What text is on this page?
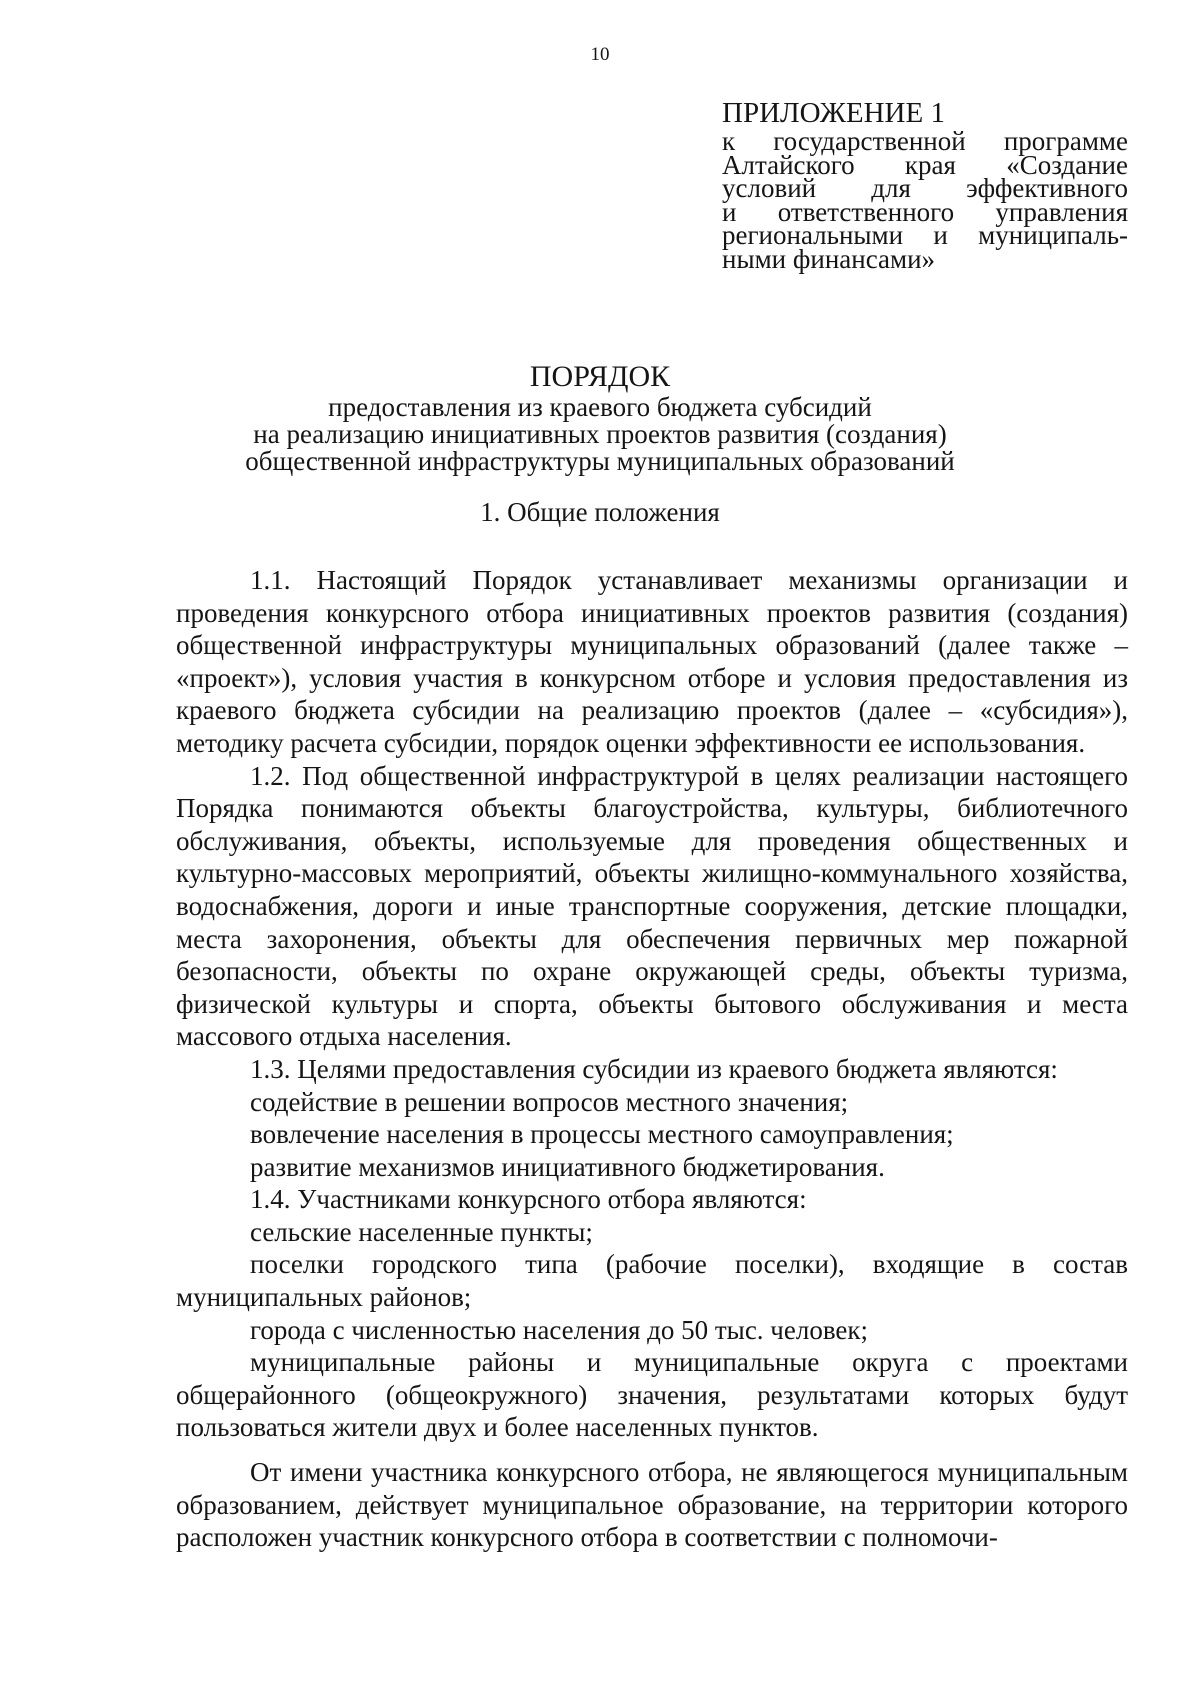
10
ПРИЛОЖЕНИЕ 1
к государственной программе
Алтайского края «Создание
условий для эффективного
и ответственного управления
региональными и муниципаль-
ными финансами»
ПОРЯДОК
предоставления из краевого бюджета субсидий
на реализацию инициативных проектов развития (создания)
общественной инфраструктуры муниципальных образований
1. Общие положения

1.1. Настоящий Порядок устанавливает механизмы организации и проведения конкурсного отбора инициативных проектов развития (создания) общественной инфраструктуры муниципальных образований (далее также – «проект»), условия участия в конкурсном отборе и условия предоставления из краевого бюджета субсидии на реализацию проектов (далее – «субсидия»), методику расчета субсидии, порядок оценки эффективности ее использования.

1.2. Под общественной инфраструктурой в целях реализации настоящего Порядка понимаются объекты благоустройства, культуры, библиотечного обслуживания, объекты, используемые для проведения общественных и культурно-массовых мероприятий, объекты жилищно-коммунального хозяйства, водоснабжения, дороги и иные транспортные сооружения, детские площадки, места захоронения, объекты для обеспечения первичных мер пожарной безопасности, объекты по охране окружающей среды, объекты туризма, физической культуры и спорта, объекты бытового обслуживания и места массового отдыха населения.

1.3. Целями предоставления субсидии из краевого бюджета являются:

содействие в решении вопросов местного значения;

вовлечение населения в процессы местного самоуправления;

развитие механизмов инициативного бюджетирования.

1.4. Участниками конкурсного отбора являются:

сельские населенные пункты;

поселки городского типа (рабочие поселки), входящие в состав муниципальных районов;

города с численностью населения до 50 тыс. человек;

муниципальные районы и муниципальные округа с проектами общерайонного (общеокружного) значения, результатами которых будут пользоваться жители двух и более населенных пунктов.

От имени участника конкурсного отбора, не являющегося муниципальным образованием, действует муниципальное образование, на территории которого расположен участник конкурсного отбора в соответствии с полномочи-
